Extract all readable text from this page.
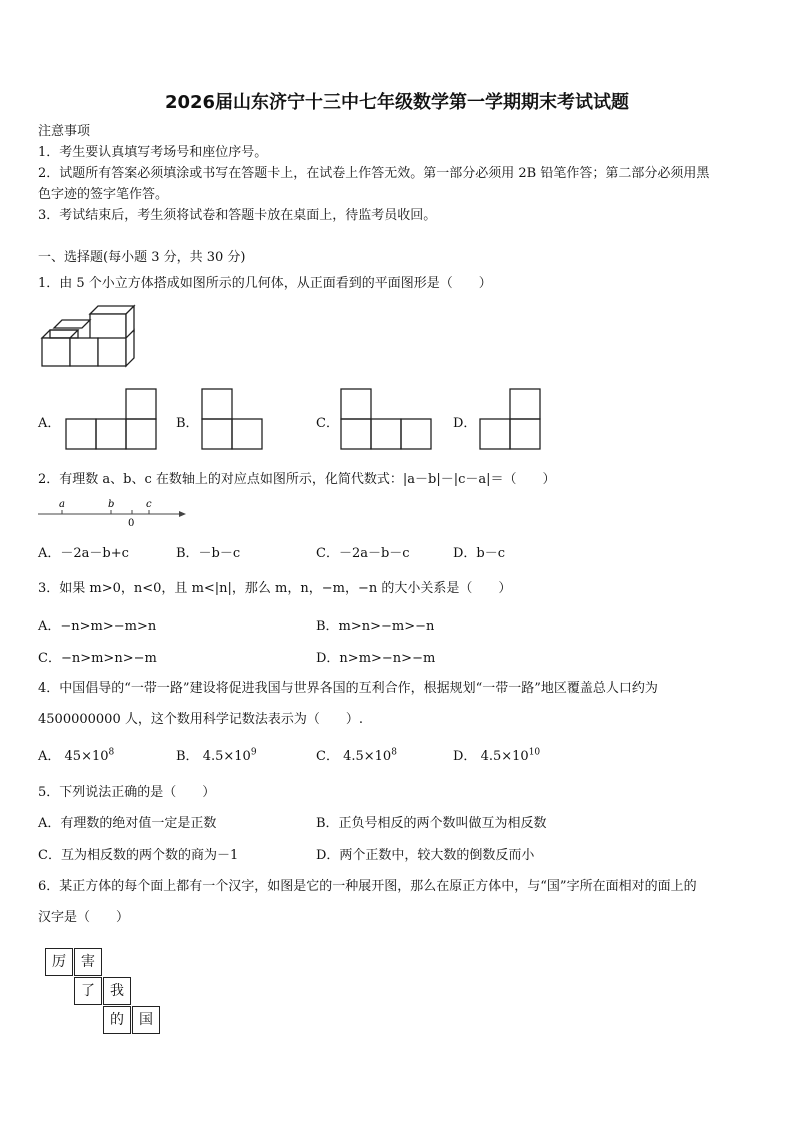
2026届山东济宁十三中七年级数学第一学期期末考试试题
注意事项
1．考生要认真填写考场号和座位序号。
2．试题所有答案必须填涂或书写在答题卡上，在试卷上作答无效。第一部分必须用 2B 铅笔作答；第二部分必须用黑
色字迹的签字笔作答。
3．考试结束后，考生须将试卷和答题卡放在桌面上，待监考员收回。
一、选择题(每小题 3 分，共 30 分)
1．由 5 个小立方体搭成如图所示的几何体，从正面看到的平面图形是（　　）
A．	B．	C．	D．
2．有理数 a、b、c 在数轴上的对应点如图所示，化简代数式：|a－b|－|c－a|＝（　　）
a	b	c
0
A．－2a－b+c	B．－b－c	C．－2a－b－c	D．b－c
3．如果 m>0，n<0，且 m<|n|，那么 m，n，−m，−n 的大小关系是（　　）
A．−n>m>−m>n	B．m>n>−m>−n
C．−n>m>n>−m	D．n>m>−n>−m
4．中国倡导的“一带一路”建设将促进我国与世界各国的互利合作，根据规划“一带一路”地区覆盖总人口约为
4500000000 人，这个数用科学记数法表示为（　　）.
A． $45\times 10^8$	B． $4.5\times 10^9$	C． $4.5\times 10^8$	D． $4.5\times 10^{10}$
5．下列说法正确的是（　　）
A．有理数的绝对值一定是正数	B．正负号相反的两个数叫做互为相反数
C．互为相反数的两个数的商为－1	D．两个正数中，较大数的倒数反而小
6．某正方体的每个面上都有一个汉字，如图是它的一种展开图，那么在原正方体中，与“国”字所在面相对的面上的
汉字是（　　）
厉	害
了	我
的	国
